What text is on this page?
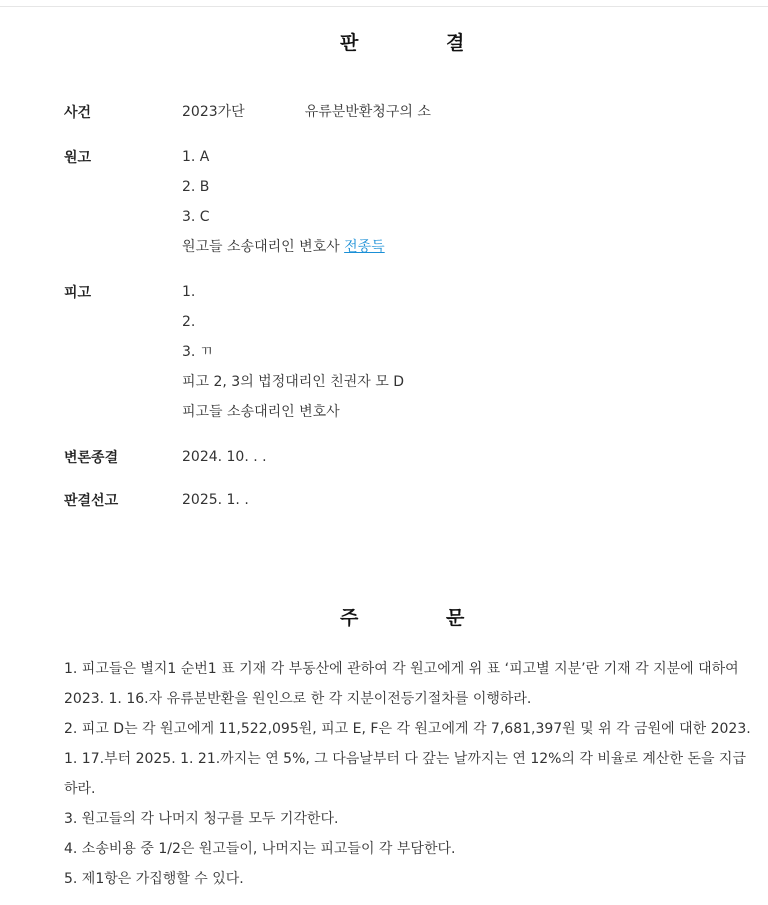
판	결
사건	2023가단	유류분반환청구의 소
원고	1. A
2. B
3. C
원고들 소송대리인 변호사 전종득
피고	1.
2.
3. ㄲ
피고 2, 3의 법정대리인 친권자 모 D
피고들 소송대리인 변호사
변론종결	2024. 10. . .
판결선고	2025. 1. .
주	문
1. 피고들은 별지1 순번1 표 기재 각 부동산에 관하여 각 원고에게 위 표 ‘피고별 지분’란 기재 각 지분에 대하여
2023. 1. 16.자 유류분반환을 원인으로 한 각 지분이전등기절차를 이행하라.
2. 피고 D는 각 원고에게 11,522,095원, 피고 E, F은 각 원고에게 각 7,681,397원 및 위 각 금원에 대한 2023.
1. 17.부터 2025. 1. 21.까지는 연 5%, 그 다음날부터 다 갚는 날까지는 연 12%의 각 비율로 계산한 돈을 지급
하라.
3. 원고들의 각 나머지 청구를 모두 기각한다.
4. 소송비용 중 1/2은 원고들이, 나머지는 피고들이 각 부담한다.
5. 제1항은 가집행할 수 있다.
